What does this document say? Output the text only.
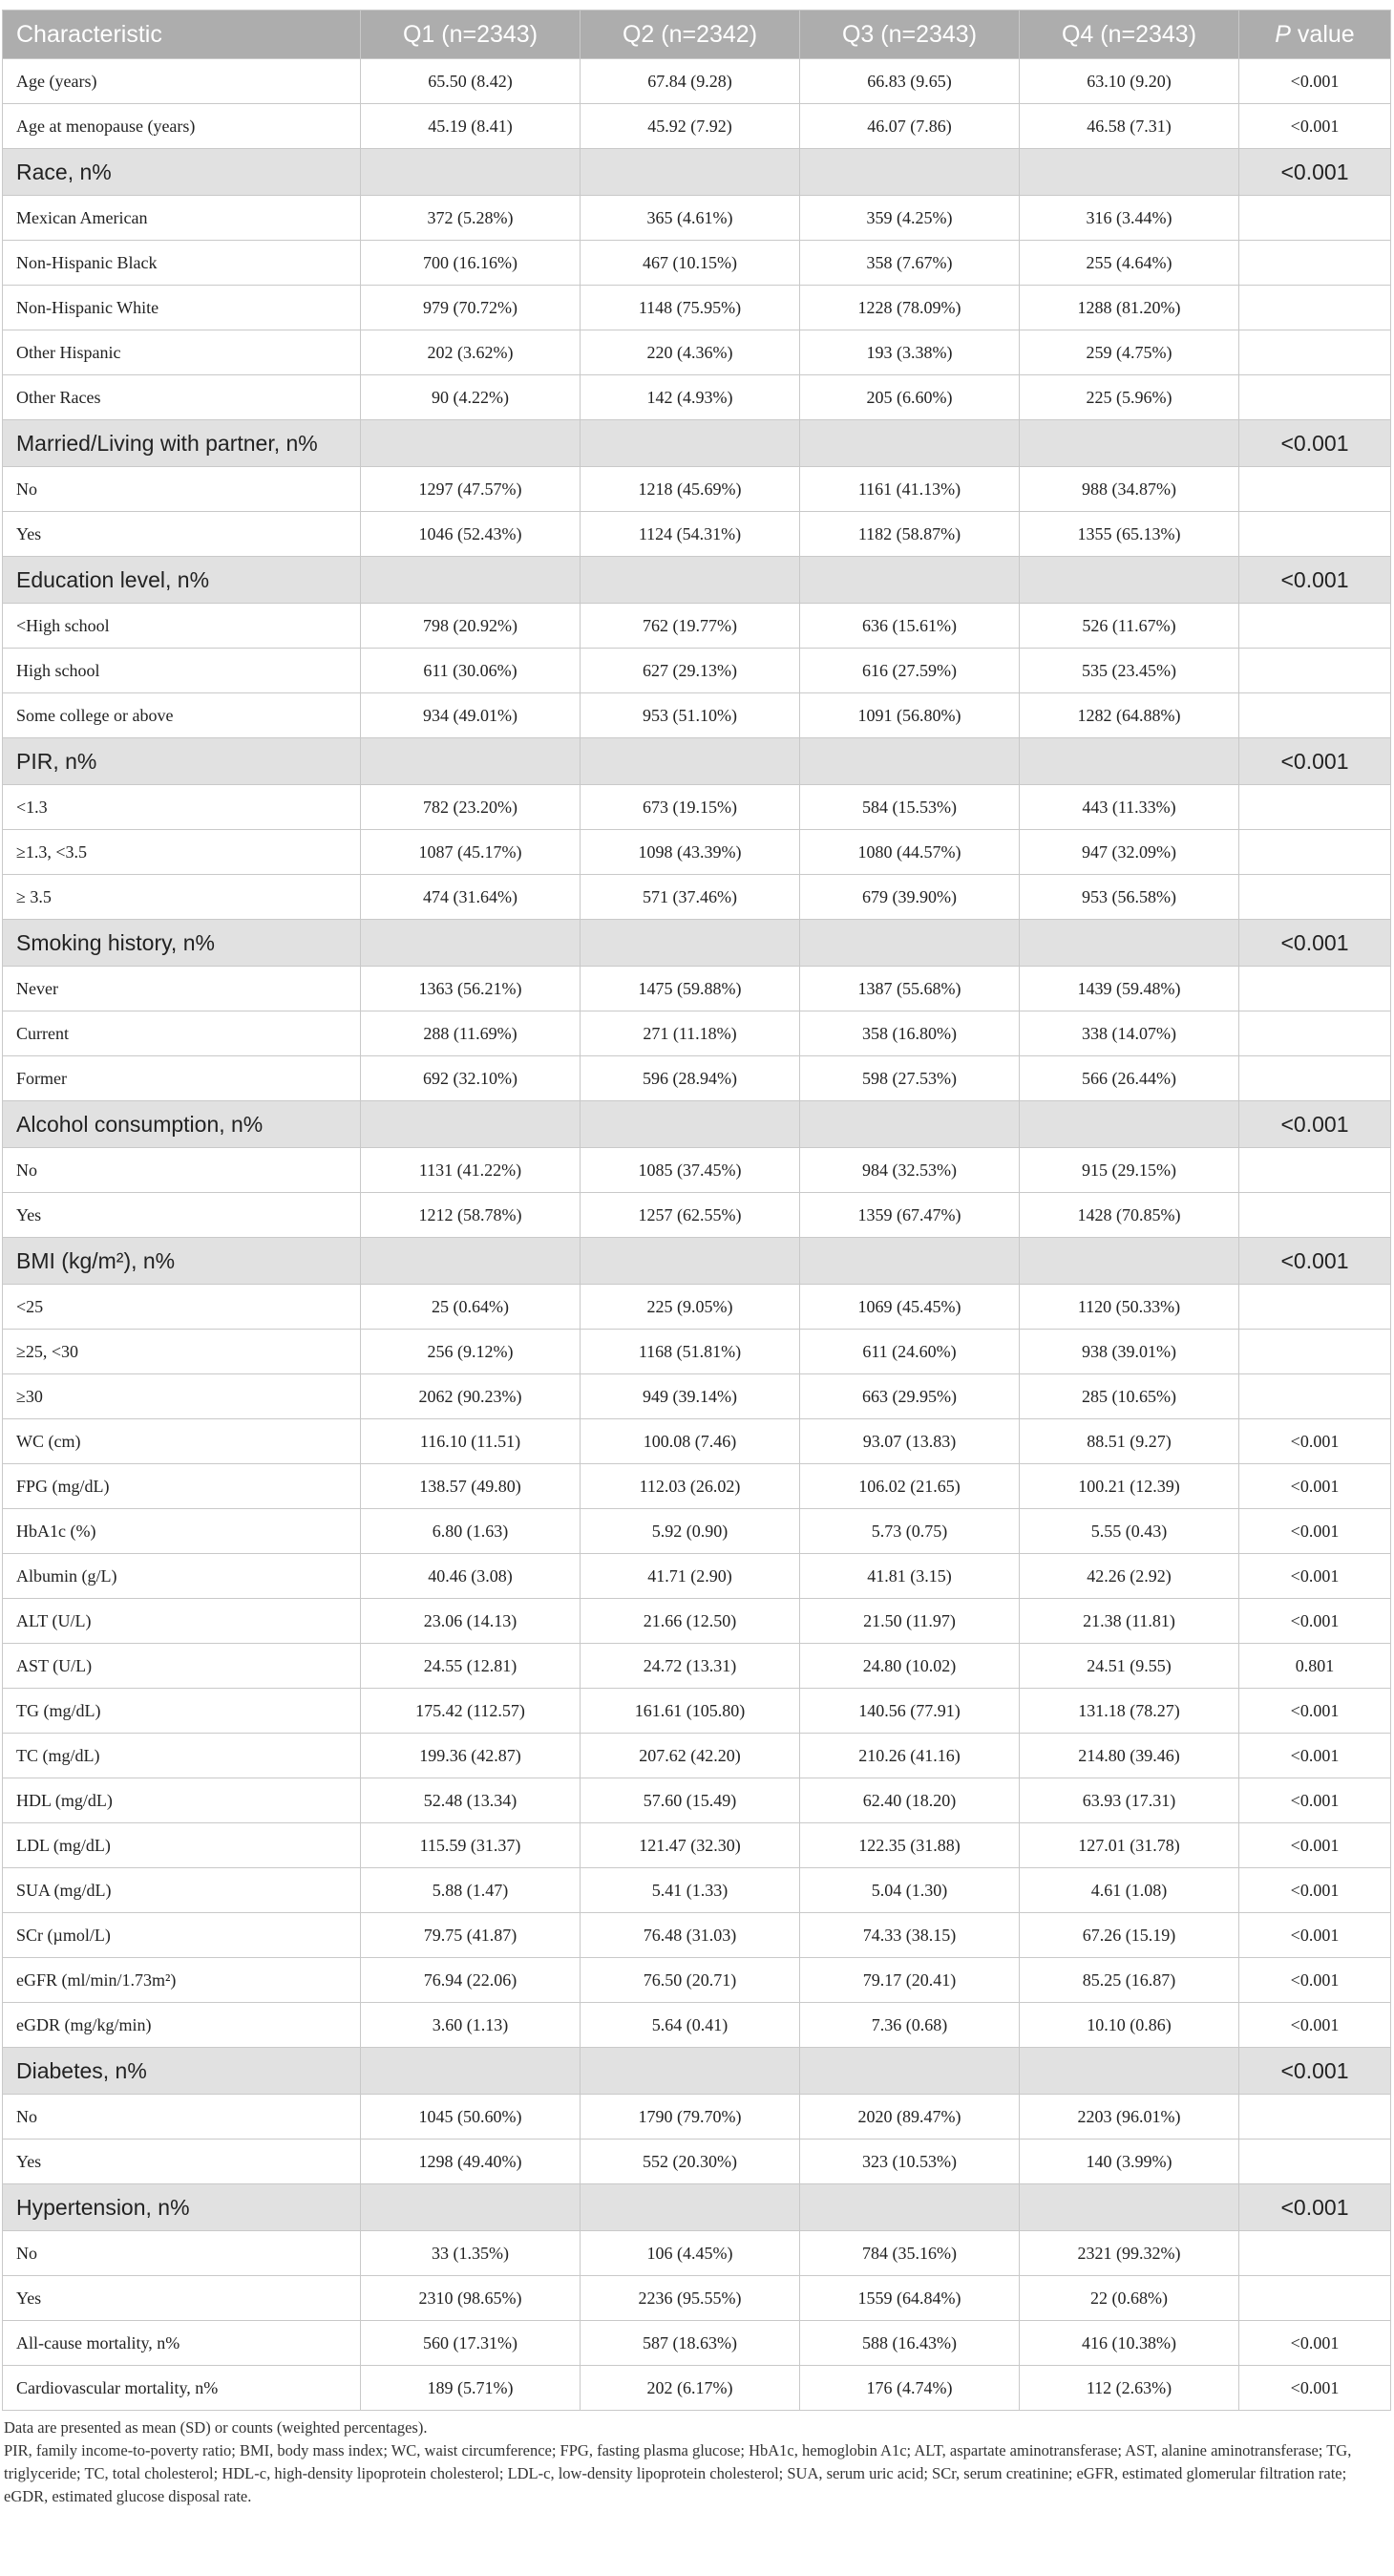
Characteristic	Q1 (n=2343)	Q2 (n=2342)	Q3 (n=2343)	Q4 (n=2343)	P value
Age (years)	65.50 (8.42)	67.84 (9.28)	66.83 (9.65)	63.10 (9.20)	<0.001
Age at menopause (years)	45.19 (8.41)	45.92 (7.92)	46.07 (7.86)	46.58 (7.31)	<0.001
Race, n%					<0.001
Mexican American	372 (5.28%)	365 (4.61%)	359 (4.25%)	316 (3.44%)	
Non-Hispanic Black	700 (16.16%)	467 (10.15%)	358 (7.67%)	255 (4.64%)	
Non-Hispanic White	979 (70.72%)	1148 (75.95%)	1228 (78.09%)	1288 (81.20%)	
Other Hispanic	202 (3.62%)	220 (4.36%)	193 (3.38%)	259 (4.75%)	
Other Races	90 (4.22%)	142 (4.93%)	205 (6.60%)	225 (5.96%)	
Married/Living with partner, n%					<0.001
No	1297 (47.57%)	1218 (45.69%)	1161 (41.13%)	988 (34.87%)	
Yes	1046 (52.43%)	1124 (54.31%)	1182 (58.87%)	1355 (65.13%)	
Education level, n%					<0.001
<High school	798 (20.92%)	762 (19.77%)	636 (15.61%)	526 (11.67%)	
High school	611 (30.06%)	627 (29.13%)	616 (27.59%)	535 (23.45%)	
Some college or above	934 (49.01%)	953 (51.10%)	1091 (56.80%)	1282 (64.88%)	
PIR, n%					<0.001
<1.3	782 (23.20%)	673 (19.15%)	584 (15.53%)	443 (11.33%)	
≥1.3, <3.5	1087 (45.17%)	1098 (43.39%)	1080 (44.57%)	947 (32.09%)	
≥ 3.5	474 (31.64%)	571 (37.46%)	679 (39.90%)	953 (56.58%)	
Smoking history, n%					<0.001
Never	1363 (56.21%)	1475 (59.88%)	1387 (55.68%)	1439 (59.48%)	
Current	288 (11.69%)	271 (11.18%)	358 (16.80%)	338 (14.07%)	
Former	692 (32.10%)	596 (28.94%)	598 (27.53%)	566 (26.44%)	
Alcohol consumption, n%					<0.001
No	1131 (41.22%)	1085 (37.45%)	984 (32.53%)	915 (29.15%)	
Yes	1212 (58.78%)	1257 (62.55%)	1359 (67.47%)	1428 (70.85%)	
BMI (kg/m²), n%					<0.001
<25	25 (0.64%)	225 (9.05%)	1069 (45.45%)	1120 (50.33%)	
≥25, <30	256 (9.12%)	1168 (51.81%)	611 (24.60%)	938 (39.01%)	
≥30	2062 (90.23%)	949 (39.14%)	663 (29.95%)	285 (10.65%)	
WC (cm)	116.10 (11.51)	100.08 (7.46)	93.07 (13.83)	88.51 (9.27)	<0.001
FPG (mg/dL)	138.57 (49.80)	112.03 (26.02)	106.02 (21.65)	100.21 (12.39)	<0.001
HbA1c (%)	6.80 (1.63)	5.92 (0.90)	5.73 (0.75)	5.55 (0.43)	<0.001
Albumin (g/L)	40.46 (3.08)	41.71 (2.90)	41.81 (3.15)	42.26 (2.92)	<0.001
ALT (U/L)	23.06 (14.13)	21.66 (12.50)	21.50 (11.97)	21.38 (11.81)	<0.001
AST (U/L)	24.55 (12.81)	24.72 (13.31)	24.80 (10.02)	24.51 (9.55)	0.801
TG (mg/dL)	175.42 (112.57)	161.61 (105.80)	140.56 (77.91)	131.18 (78.27)	<0.001
TC (mg/dL)	199.36 (42.87)	207.62 (42.20)	210.26 (41.16)	214.80 (39.46)	<0.001
HDL (mg/dL)	52.48 (13.34)	57.60 (15.49)	62.40 (18.20)	63.93 (17.31)	<0.001
LDL (mg/dL)	115.59 (31.37)	121.47 (32.30)	122.35 (31.88)	127.01 (31.78)	<0.001
SUA (mg/dL)	5.88 (1.47)	5.41 (1.33)	5.04 (1.30)	4.61 (1.08)	<0.001
SCr (µmol/L)	79.75 (41.87)	76.48 (31.03)	74.33 (38.15)	67.26 (15.19)	<0.001
eGFR (ml/min/1.73m²)	76.94 (22.06)	76.50 (20.71)	79.17 (20.41)	85.25 (16.87)	<0.001
eGDR (mg/kg/min)	3.60 (1.13)	5.64 (0.41)	7.36 (0.68)	10.10 (0.86)	<0.001
Diabetes, n%					<0.001
No	1045 (50.60%)	1790 (79.70%)	2020 (89.47%)	2203 (96.01%)	
Yes	1298 (49.40%)	552 (20.30%)	323 (10.53%)	140 (3.99%)	
Hypertension, n%					<0.001
No	33 (1.35%)	106 (4.45%)	784 (35.16%)	2321 (99.32%)	
Yes	2310 (98.65%)	2236 (95.55%)	1559 (64.84%)	22 (0.68%)	
All-cause mortality, n%	560 (17.31%)	587 (18.63%)	588 (16.43%)	416 (10.38%)	<0.001
Cardiovascular mortality, n%	189 (5.71%)	202 (6.17%)	176 (4.74%)	112 (2.63%)	<0.001
Data are presented as mean (SD) or counts (weighted percentages).
PIR, family income-to-poverty ratio; BMI, body mass index; WC, waist circumference; FPG, fasting plasma glucose; HbA1c, hemoglobin A1c; ALT, aspartate aminotransferase; AST, alanine aminotransferase; TG, triglyceride; TC, total cholesterol; HDL-c, high-density lipoprotein cholesterol; LDL-c, low-density lipoprotein cholesterol; SUA, serum uric acid; SCr, serum creatinine; eGFR, estimated glomerular filtration rate; eGDR, estimated glucose disposal rate.
